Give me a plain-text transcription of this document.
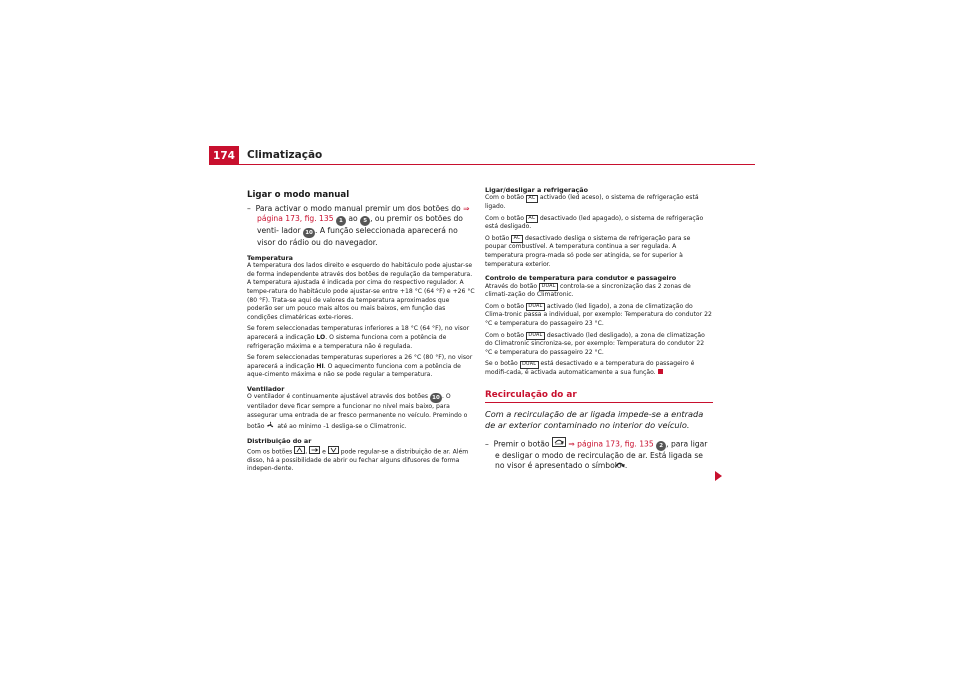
174	Climatização
Ligar o modo manual

– Para activar o modo manual premir um dos botões do ⇒ página 173, fig. 135 1 ao 5 , ou premir os botões do venti- lador 10 . A função seleccionada aparecerá no visor do rádio ou do navegador.

Temperatura

A temperatura dos lados direito e esquerdo do habitáculo pode ajustar-se de forma independente através dos botões de regulação da temperatura. A temperatura ajustada é indicada por cima do respectivo regulador. A tempe-ratura do habitáculo pode ajustar-se entre +18 °C (64 °F) e +26 °C (80 °F). Trata-se aqui de valores da temperatura aproximados que poderão ser um pouco mais altos ou mais baixos, em função das condições climatéricas exte-riores.

Se forem seleccionadas temperaturas inferiores a 18 °C (64 °F), no visor aparecerá a indicação LO. O sistema funciona com a potência de refrigeração máxima e a temperatura não é regulada.

Se forem seleccionadas temperaturas superiores a 26 °C (80 °F), no visor aparecerá a indicação HI. O aquecimento funciona com a potência de aque-cimento máxima e não se pode regular a temperatura.

Ventilador

O ventilador é continuamente ajustável através dos botões 10 . O ventilador deve ficar sempre a funcionar no nível mais baixo, para assegurar uma entrada de ar fresco permanente no veículo. Premindo o botão até ao mínimo -1 desliga-se o Climatronic.

Distribuição do ar

Com os botões , e pode regular-se a distribuição de ar. Além disso, há a possibilidade de abrir ou fechar alguns difusores de forma indepen-dente.

Ligar/desligar a refrigeração

Com o botão AC activado (led aceso), o sistema de refrigeração está ligado.

Com o botão AC desactivado (led apagado), o sistema de refrigeração está desligado.

O botão AC desactivado desliga o sistema de refrigeração para se poupar combustível. A temperatura continua a ser regulada. A temperatura progra-mada só pode ser atingida, se for superior à temperatura exterior.

Controlo de temperatura para condutor e passageiro

Através do botão DUAL controla-se a sincronização das 2 zonas de climati-zação do Climatronic.

Com o botão DUAL activado (led ligado), a zona de climatização do Clima-tronic passa a individual, por exemplo: Temperatura do condutor 22 °C e temperatura do passageiro 23 °C.

Com o botão DUAL desactivado (led desligado), a zona de climatização do Climatronic sincroniza-se, por exemplo: Temperatura do condutor 22 °C e temperatura do passageiro 22 °C.

Se o botão DUAL está desactivado e a temperatura do passageiro é modifi-cada, é activada automaticamente a sua função.

Recirculação do ar

Com a recirculação de ar ligada impede-se a entrada de ar exterior contaminado no interior do veículo.

– Premir o botão ⇒ página 173, fig. 135 2 , para ligar e desligar o modo de recirculação de ar. Está ligada se no visor é apresentado o símbolo .
